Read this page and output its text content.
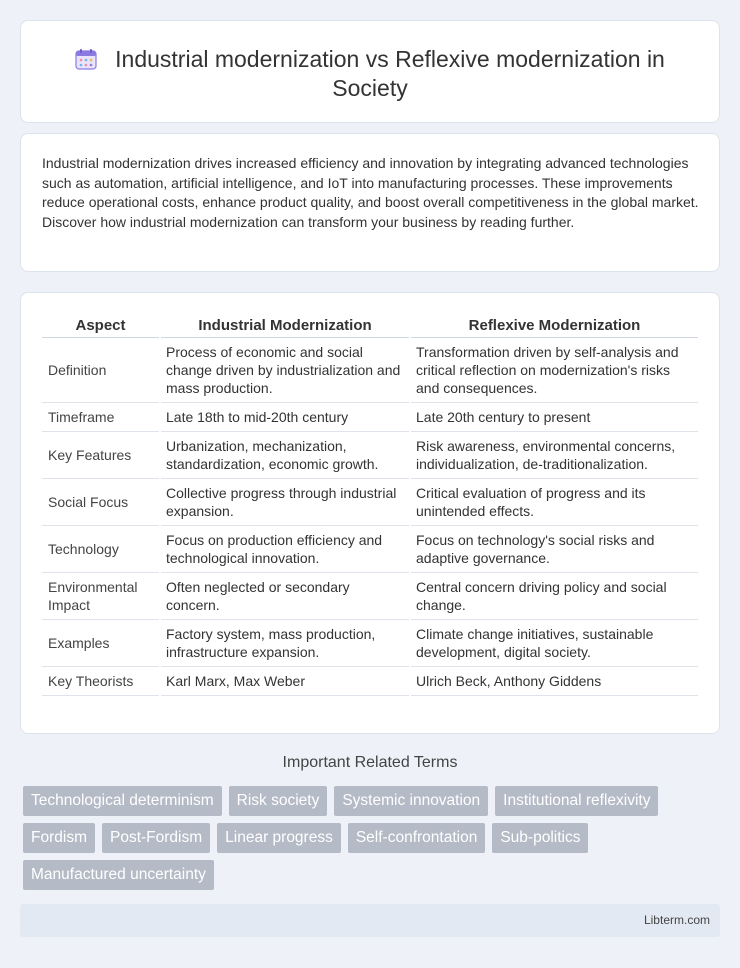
Industrial modernization vs Reflexive modernization in Society

Industrial modernization drives increased efficiency and innovation by integrating advanced technologies such as automation, artificial intelligence, and IoT into manufacturing processes. These improvements reduce operational costs, enhance product quality, and boost overall competitiveness in the global market. Discover how industrial modernization can transform your business by reading further.

Aspect	Industrial Modernization	Reflexive Modernization
Definition	Process of economic and social change driven by industrialization and mass production.	Transformation driven by self-analysis and critical reflection on modernization's risks and consequences.
Timeframe	Late 18th to mid-20th century	Late 20th century to present
Key Features	Urbanization, mechanization, standardization, economic growth.	Risk awareness, environmental concerns, individualization, de-traditionalization.
Social Focus	Collective progress through industrial expansion.	Critical evaluation of progress and its unintended effects.
Technology	Focus on production efficiency and technological innovation.	Focus on technology's social risks and adaptive governance.
Environmental Impact	Often neglected or secondary concern.	Central concern driving policy and social change.
Examples	Factory system, mass production, infrastructure expansion.	Climate change initiatives, sustainable development, digital society.
Key Theorists	Karl Marx, Max Weber	Ulrich Beck, Anthony Giddens
Important Related Terms
Technological determinism	Risk society	Systemic innovation	Institutional reflexivity
Fordism	Post-Fordism	Linear progress	Self-confrontation	Sub-politics
Manufactured uncertainty
Libterm.com
